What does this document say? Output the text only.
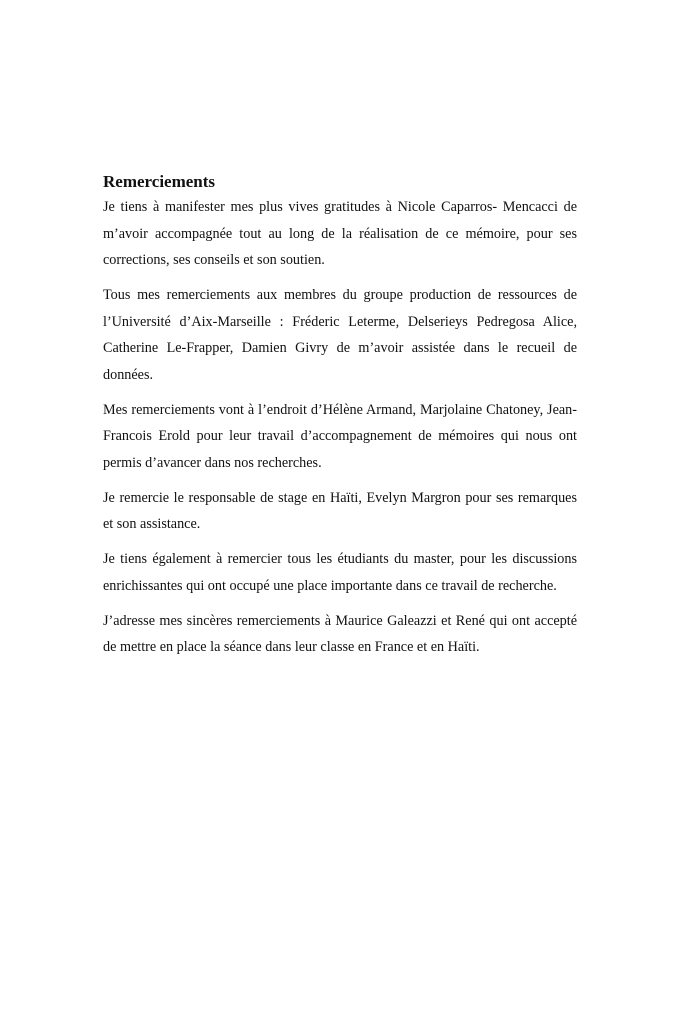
Remerciements

Je tiens à manifester mes plus vives gratitudes à Nicole Caparros- Mencacci de m’avoir accompagnée tout au long de la réalisation de ce mémoire, pour ses corrections, ses conseils et son soutien.

Tous mes remerciements aux membres du groupe production de ressources de l’Université d’Aix-Marseille : Fréderic Leterme, Delserieys Pedregosa Alice, Catherine Le-Frapper, Damien Givry de m’avoir assistée dans le recueil de données.

Mes remerciements vont à l’endroit d’Hélène Armand, Marjolaine Chatoney, Jean-Francois Erold pour leur travail d’accompagnement de mémoires qui nous ont permis d’avancer dans nos recherches.

Je remercie le responsable de stage en Haïti, Evelyn Margron pour ses remarques et son assistance.

Je tiens également à remercier tous les étudiants du master, pour les discussions enrichissantes qui ont occupé une place importante dans ce travail de recherche.

J’adresse mes sincères remerciements à Maurice Galeazzi et René qui ont accepté de mettre en place la séance dans leur classe en France et en Haïti.
